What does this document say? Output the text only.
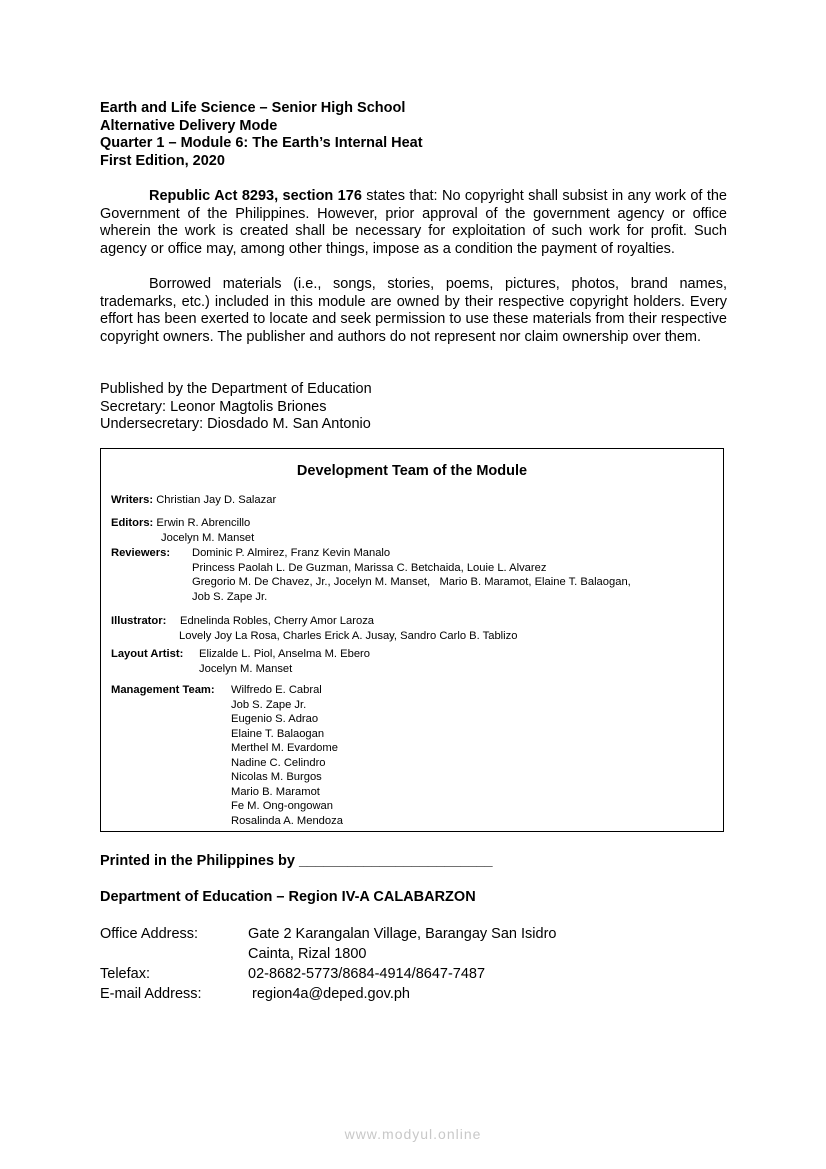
Earth and Life Science – Senior High School
Alternative Delivery Mode
Quarter 1 – Module 6: The Earth’s Internal Heat
First Edition, 2020

Republic Act 8293, section 176 states that: No copyright shall subsist in any work of the Government of the Philippines. However, prior approval of the government agency or office wherein the work is created shall be necessary for exploitation of such work for profit. Such agency or office may, among other things, impose as a condition the payment of royalties.

Borrowed materials (i.e., songs, stories, poems, pictures, photos, brand names, trademarks, etc.) included in this module are owned by their respective copyright holders. Every effort has been exerted to locate and seek permission to use these materials from their respective copyright owners. The publisher and authors do not represent nor claim ownership over them.

Published by the Department of Education
Secretary: Leonor Magtolis Briones
Undersecretary: Diosdado M. San Antonio
Development Team of the Module
Writers: Christian Jay D. Salazar
Editors: Erwin R. Abrencillo
Jocelyn M. Manset
Reviewers: Dominic P. Almirez, Franz Kevin Manalo
Princess Paolah L. De Guzman, Marissa C. Betchaida, Louie L. Alvarez
Gregorio M. De Chavez, Jr., Jocelyn M. Manset,   Mario B. Maramot, Elaine T. Balaogan,
Job S. Zape Jr.
Illustrator: Ednelinda Robles, Cherry Amor Laroza
Lovely Joy La Rosa, Charles Erick A. Jusay, Sandro Carlo B. Tablizo
Layout Artist: Elizalde L. Piol, Anselma M. Ebero
Jocelyn M. Manset
Management Team: Wilfredo E. Cabral
Job S. Zape Jr.
Eugenio S. Adrao
Elaine T. Balaogan
Merthel M. Evardome
Nadine C. Celindro
Nicolas M. Burgos
Mario B. Maramot
Fe M. Ong-ongowan
Rosalinda A. Mendoza
Printed in the Philippines by ________________________
Department of Education – Region IV-A CALABARZON
Office Address:	Gate 2 Karangalan Village, Barangay San Isidro
Cainta, Rizal 1800
Telefax:	02-8682-5773/8684-4914/8647-7487
E-mail Address:	region4a@deped.gov.ph
www.modyul.online
